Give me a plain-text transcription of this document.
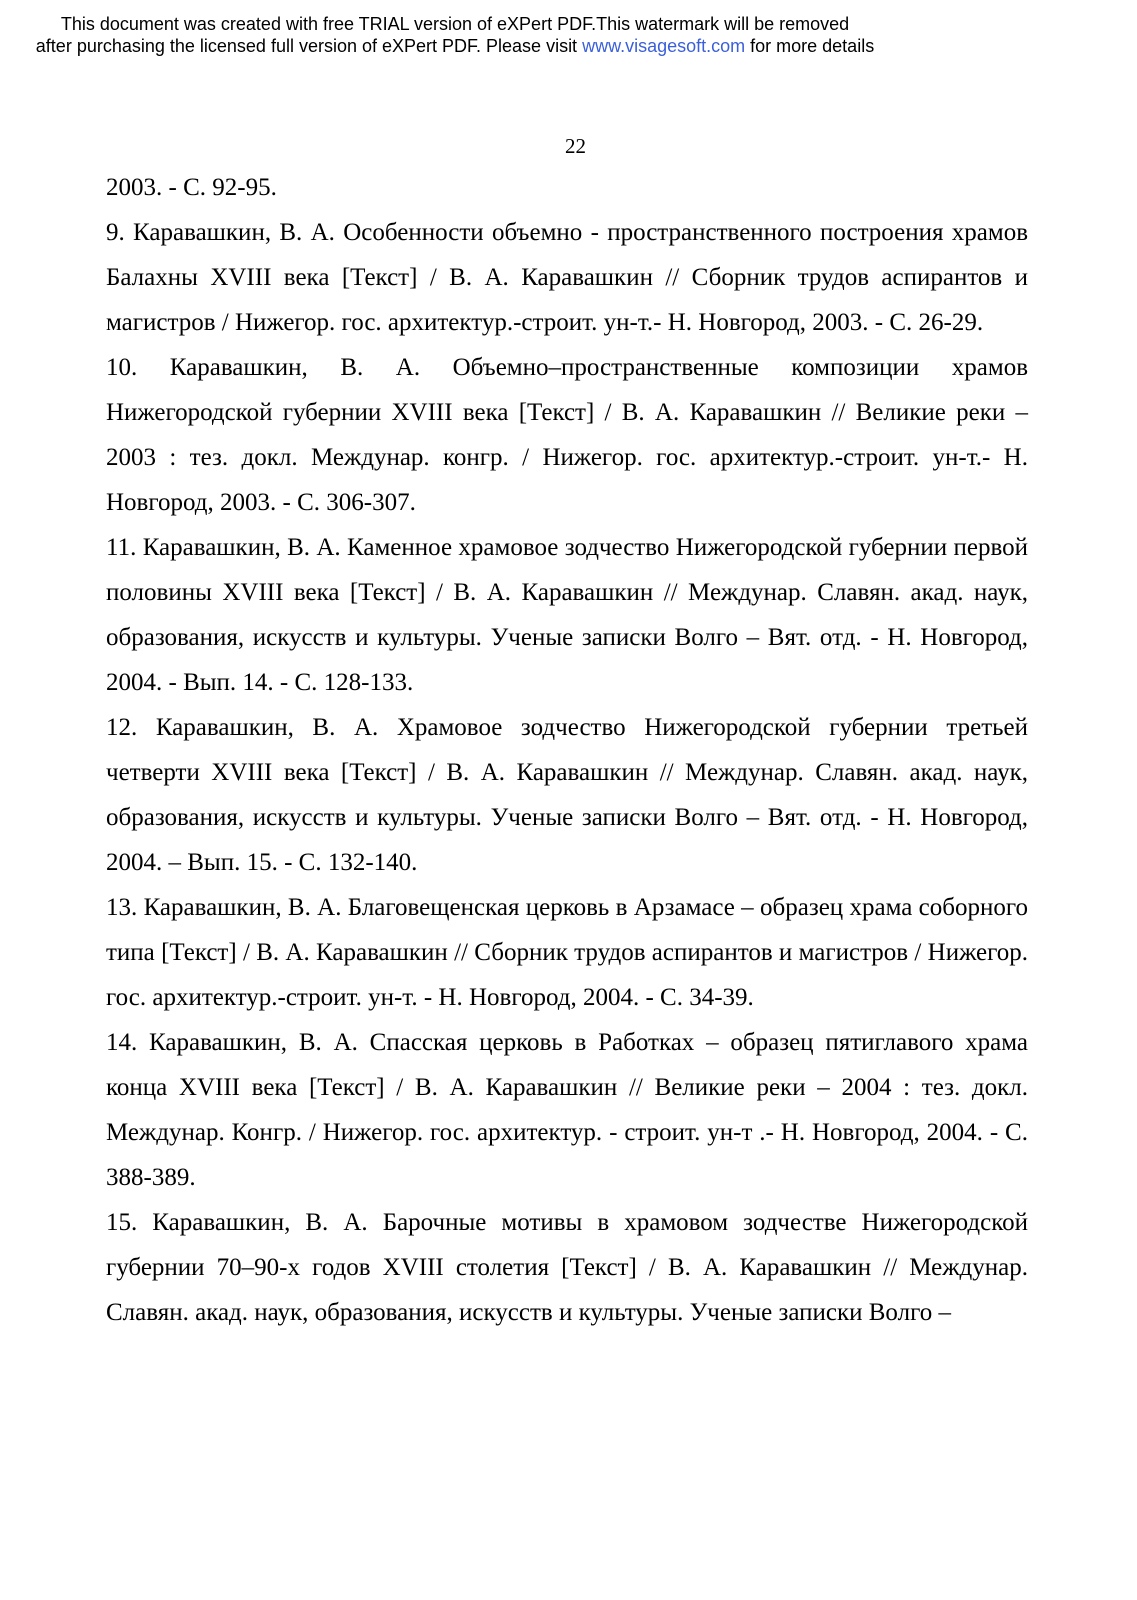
This document was created with free TRIAL version of eXPert PDF.This watermark will be removed
after purchasing the licensed full version of eXPert PDF. Please visit www.visagesoft.com for more details
22

2003. - С. 92-95.

9. Каравашкин, В. А. Особенности объемно - пространственного построения храмов Балахны XVIII века [Текст] / В. А. Каравашкин // Сборник трудов аспирантов и магистров / Нижегор. гос. архитектур.-строит. ун-т.- Н. Новгород, 2003. - С. 26-29.

10. Каравашкин, В. А. Объемно–пространственные композиции храмов Нижегородской губернии XVIII века [Текст] / В. А. Каравашкин // Великие реки – 2003 : тез. докл. Междунар. конгр. / Нижегор. гос. архитектур.-строит. ун-т.- Н. Новгород, 2003. - С. 306-307.

11. Каравашкин, В. А. Каменное храмовое зодчество Нижегородской губернии первой половины XVIII века [Текст] / В. А. Каравашкин // Междунар. Славян. акад. наук, образования, искусств и культуры. Ученые записки Волго – Вят. отд. - Н. Новгород, 2004. - Вып. 14. - С. 128-133.

12. Каравашкин, В. А. Храмовое зодчество Нижегородской губернии третьей четверти XVIII века [Текст] / В. А. Каравашкин // Междунар. Славян. акад. наук, образования, искусств и культуры. Ученые записки Волго – Вят. отд. - Н. Новгород, 2004. – Вып. 15. - С. 132-140.

13. Каравашкин, В. А. Благовещенская церковь в Арзамасе – образец храма соборного типа [Текст] / В. А. Каравашкин // Сборник трудов аспирантов и магистров / Нижегор. гос. архитектур.-строит. ун-т. - Н. Новгород, 2004. - С. 34-39.

14. Каравашкин, В. А. Спасская церковь в Работках – образец пятиглавого храма конца XVIII века [Текст] / В. А. Каравашкин // Великие реки – 2004 : тез. докл. Междунар. Конгр. / Нижегор. гос. архитектур. - строит. ун-т .- Н. Новгород, 2004. - С. 388-389.

15. Каравашкин, В. А. Барочные мотивы в храмовом зодчестве Нижегородской губернии 70–90-х годов XVIII столетия [Текст] / В. А. Каравашкин // Междунар. Славян. акад. наук, образования, искусств и культуры. Ученые записки Волго –
